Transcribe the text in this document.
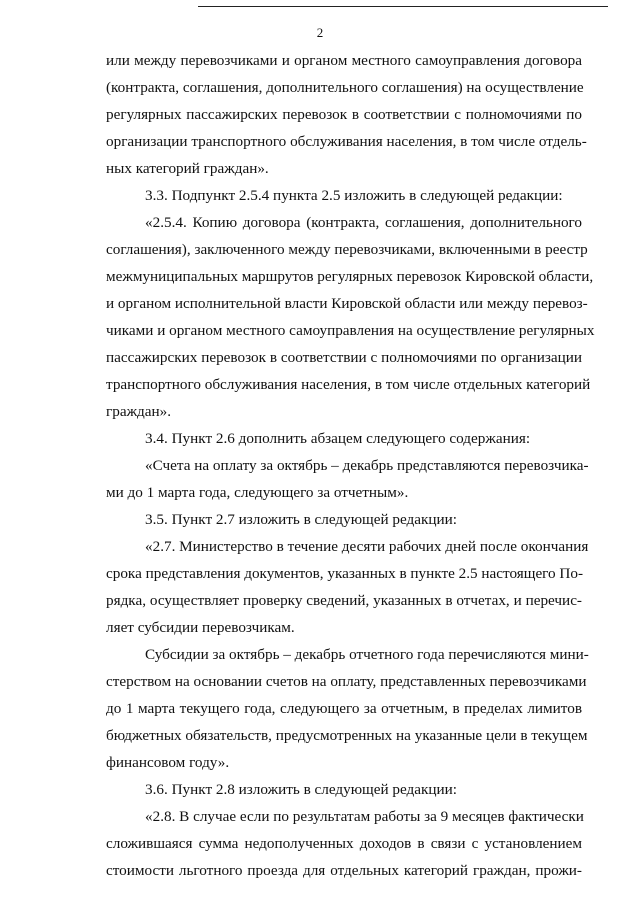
2
или между перевозчиками и органом местного самоуправления договора
(контракта, соглашения, дополнительного соглашения) на осуществление
регулярных пассажирских перевозок в соответствии с полномочиями по
организации транспортного обслуживания населения, в том числе отдель-
ных категорий граждан».
3.3. Подпункт 2.5.4 пункта 2.5 изложить в следующей редакции:
«2.5.4. Копию договора (контракта, соглашения, дополнительного
соглашения), заключенного между перевозчиками, включенными в реестр
межмуниципальных маршрутов регулярных перевозок Кировской области,
и органом исполнительной власти Кировской области или между перевоз-
чиками и органом местного самоуправления на осуществление регулярных
пассажирских перевозок в соответствии с полномочиями по организации
транспортного обслуживания населения, в том числе отдельных категорий
граждан».
3.4. Пункт 2.6 дополнить абзацем следующего содержания:
«Счета на оплату за октябрь – декабрь представляются перевозчика-
ми до 1 марта года, следующего за отчетным».
3.5. Пункт 2.7 изложить в следующей редакции:
«2.7. Министерство в течение десяти рабочих дней после окончания
срока представления документов, указанных в пункте 2.5 настоящего По-
рядка, осуществляет проверку сведений, указанных в отчетах, и перечис-
ляет субсидии перевозчикам.
Субсидии за октябрь – декабрь отчетного года перечисляются мини-
стерством на основании счетов на оплату, представленных перевозчиками
до 1 марта текущего года, следующего за отчетным, в пределах лимитов
бюджетных обязательств, предусмотренных на указанные цели в текущем
финансовом году».
3.6. Пункт 2.8 изложить в следующей редакции:
«2.8. В случае если по результатам работы за 9 месяцев фактически
сложившаяся сумма недополученных доходов в связи с установлением
стоимости льготного проезда для отдельных категорий граждан, прожи-
